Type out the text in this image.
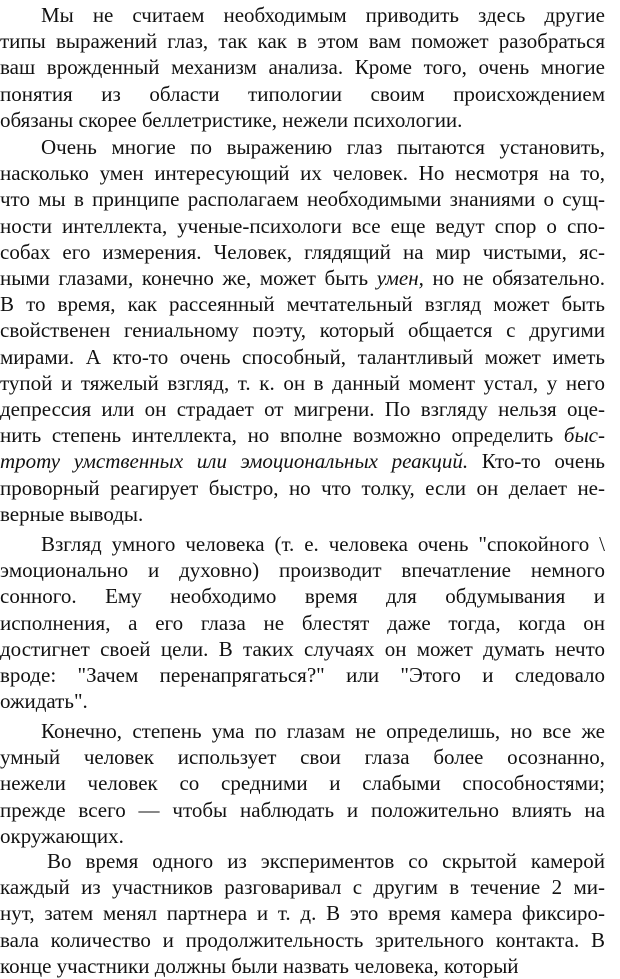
Мы не считаем необходимым приводить здесь другие
типы выражений глаз, так как в этом вам поможет разобраться
ваш врожденный механизм анализа. Кроме того, очень многие
понятия из области типологии своим происхождением
обязаны скорее беллетристике, нежели психологии.
Очень многие по выражению глаз пытаются установить,
насколько умен интересующий их человек. Но несмотря на то,
что мы в принципе располагаем необходимыми знаниями о сущ-
ности интеллекта, ученые-психологи все еще ведут спор о спо-
собах его измерения. Человек, глядящий на мир чистыми, яс-
ными глазами, конечно же, может быть умен, но не обязательно.
В то время, как рассеянный мечтательный взгляд может быть
свойственен гениальному поэту, который общается с другими
мирами. А кто-то очень способный, талантливый может иметь
тупой и тяжелый взгляд, т. к. он в данный момент устал, у него
депрессия или он страдает от мигрени. По взгляду нельзя оце-
нить степень интеллекта, но вполне возможно определить быс-
троту умственных или эмоциональных реакций. Кто-то очень
проворный реагирует быстро, но что толку, если он делает не-
верные выводы.
Взгляд умного человека (т. е. человека очень "спокойного \
эмоционально и духовно) производит впечатление немного
сонного. Ему необходимо время для обдумывания и
исполнения, а его глаза не блестят даже тогда, когда он
достигнет своей цели. В таких случаях он может думать нечто
вроде: "Зачем перенапрягаться?" или "Этого и следовало
ожидать".
Конечно, степень ума по глазам не определишь, но все же
умный человек использует свои глаза более осознанно,
нежели человек со средними и слабыми способностями;
прежде всего — чтобы наблюдать и положительно влиять на
окружающих.
Во время одного из экспериментов со скрытой камерой
каждый из участников разговаривал с другим в течение 2 ми-
нут, затем менял партнера и т. д. В это время камера фиксиро-
вала количество и продолжительность зрительного контакта. В
конце участники должны были назвать человека, который
